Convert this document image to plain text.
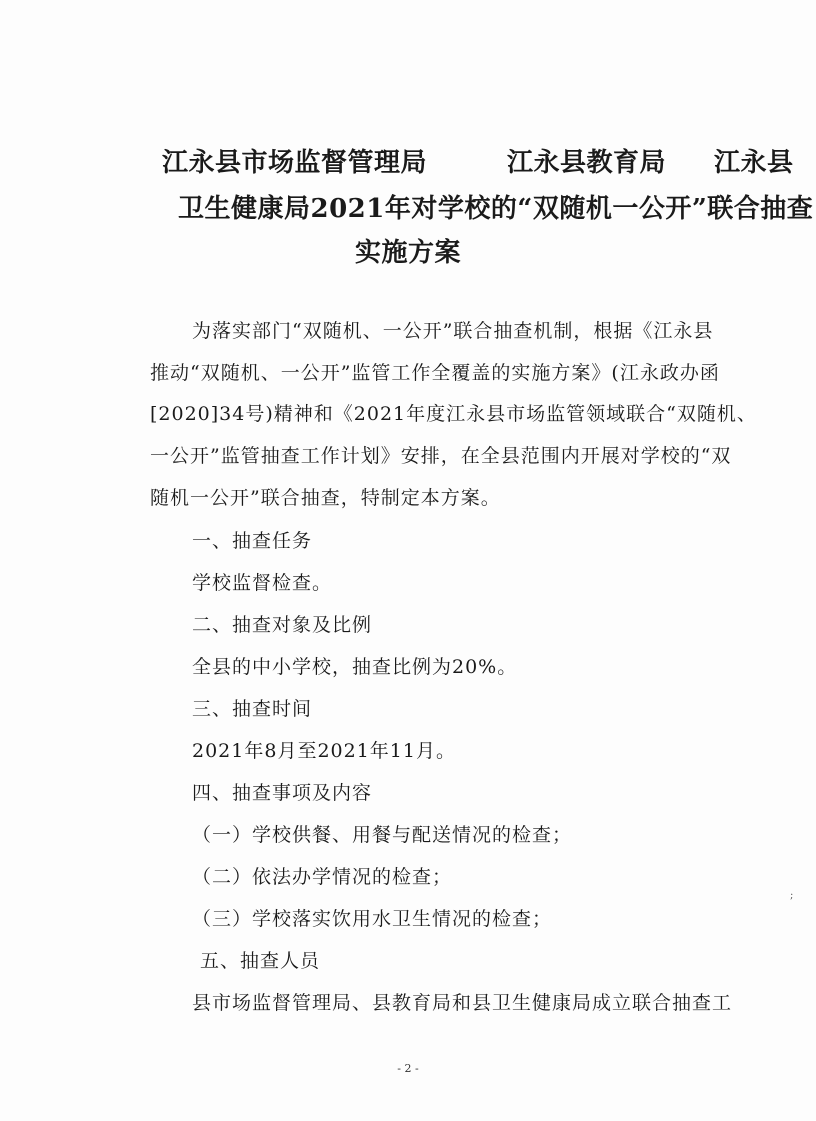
江永县市场监督管理局	江永县教育局 江永县
卫生健康局2021年对学校的“双随机一公开”联合抽查
实施方案
为落实部门“双随机、一公开”联合抽查机制，根据《江永县
推动“双随机、一公开”监管工作全覆盖的实施方案》(江永政办函
[2020]34号)精神和《2021年度江永县市场监管领域联合“双随机、
一公开”监管抽查工作计划》安排，在全县范围内开展对学校的“双
随机一公开”联合抽查，特制定本方案。
一、抽查任务
学校监督检查。
二、抽查对象及比例
全县的中小学校，抽查比例为20%。
三、抽查时间
2021年8月至2021年11月。
四、抽查事项及内容
（一）学校供餐、用餐与配送情况的检查；
（二）依法办学情况的检查；
（三）学校落实饮用水卫生情况的检查；
五、抽查人员
县市场监督管理局、县教育局和县卫生健康局成立联合抽查工
- 2 -
;
